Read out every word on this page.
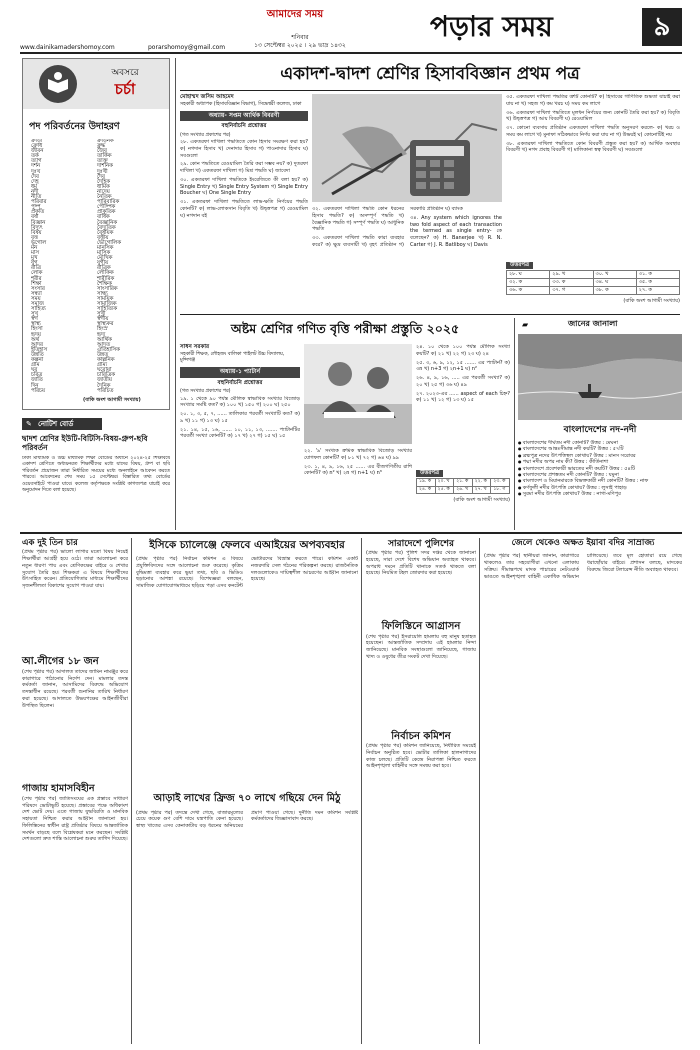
আমাদের সময়
শনিবার
১৩ সেপ্টেম্বর ২০২৫ । ২৯ ভাদ্র ১৪৩২
পড়ার সময়	৯
www.dainikamadershomoy.com	porarshomoy@gmail.com
অবসরে
চর্চা
পদ পরিবর্তনের উদাহরণ
ক্রীড়া	ক্রীড়নক
ক্রোধ	ক্রুদ্ধ
জীবন	জৈব
তর্ক	তার্কিক
ত্যাগ	ত্যক্ত
দর্শন	দার্শনিক
দুঃখ	দুঃখী
দেব	দৈব
দেহ	দৈহিক
ধর্ম	ধার্মিক
নদী	নাদেয়
নীতি	নৈতিক
পরিবার	পারিবারিক
পুষ্প	পৌষ্পিক
প্রকৃতি	প্রাকৃতিক
বর্ষা	বার্ষিক
বিজ্ঞান	বৈজ্ঞানিক
বিদ্যুৎ	বৈদ্যুতিক
বিষয়	বৈষয়িক
বৃত্ত	বৃত্তীয়
ভূগোল	ভৌগোলিক
মন	মানসিক
মাস	মাসিক
মুখ	মৌখিক
যুগ	যুগীয়
রাত্রি	রাত্রিক
লোক	লৌকিক
শরীর	শারীরিক
শিক্ষা	শৈক্ষিক
সংসার	সাংসারিক
সন্ধ্যা	সান্ধ্য
সময়	সাময়িক
সমাজ	সামাজিক
সাহিত্য	সাহিত্যিক
সুখ	সুখী
স্বর্গ	স্বর্গীয়
স্বাস্থ্য	স্বাস্থ্যকর
হিংসা	হিংস্র
হৃদয়	হৃদ্য
অর্থ	আর্থিক
আদর	আদৃত
ইতিহাস	ঐতিহাসিক
উন্নতি	উন্নত
কল্পনা	কাল্পনিক
গ্রাম	গ্রাম্য
ঘর	ঘরোয়া
চরিত্র	চারিত্রিক
জাতি	জাতীয়
দিন	দৈনিক
পরিচয়	পরিচিত
(বাকি অংশ আগামী সংখ্যায়)
✎ নোটিশ বোর্ড
দ্বাদশ শ্রেণির ইউটি-বিটিসি-বিষয়-গ্রুপ-ছবি পরিবর্তন
ঢাকা মাধ্যমিক ও উচ্চ মাধ্যমিক শিক্ষা বোর্ডের অধীনে ২০২৪-২৫ শিক্ষাবর্ষে একাদশ শ্রেণিতে অধ্যয়নরত শিক্ষার্থীদের মধ্যে যাদের বিষয়, গ্রুপ বা ছবি পরিবর্তন প্রয়োজন তারা নির্ধারিত সময়ের মধ্যে অনলাইনে আবেদন করতে পারবে। আবেদনের শেষ সময় ১৫ সেপ্টেম্বর। বিস্তারিত তথ্য বোর্ডের ওয়েবসাইটে পাওয়া যাবে। কলেজ কর্তৃপক্ষকে সংশ্লিষ্ট কাগজপত্র যাচাই করে অনুমোদন দিতে বলা হয়েছে।
একাদশ-দ্বাদশ শ্রেণির হিসাববিজ্ঞান প্রথম পত্র
মোহাম্মদ জসিম আহমেদ
সহকারী অধ্যাপক (হিসাববিজ্ঞান বিভাগ), সিদ্ধেশ্বরী কলেজ, ঢাকা
অধ্যায়- সপ্তম আর্থিক বিবরণী
বহুনির্বাচনি প্রশ্নোত্তর
(গত সংখ্যার প্রকাশের পর)

২৮. একতরফা দাখিলা পদ্ধতিতে কোন হিসাব সংরক্ষণ করা হয়? ক) নগদান হিসাব খ) দেনাদার হিসাব গ) পাওনাদার হিসাব ঘ) সবগুলো

২৯. কোন পদ্ধতিতে রেওয়ামিল তৈরি করা সম্ভব নয়? ক) দুতরফা দাখিলা খ) একতরফা দাখিলা গ) মিশ্র পদ্ধতি ঘ) জাবেদা

৩০. একতরফা দাখিলা পদ্ধতিকে ইংরেজিতে কী বলা হয়? ক) Single Entry খ) Single Entry System গ) Single Entry Boucher ঘ) One Single Entry

৩১. একতরফা দাখিলা পদ্ধতিতে লাভ-ক্ষতি নির্ণয়ের পদ্ধতি কোনটি? ক) লাভ-লোকসান বিবৃতি খ) উদ্বৃত্তপত্র গ) রেওয়ামিল ঘ) নগদান বই

৩২. একতরফা দাখিলা পদ্ধতি কোন ধরনের হিসাব পদ্ধতি? ক) অসম্পূর্ণ পদ্ধতি খ) বৈজ্ঞানিক পদ্ধতি গ) সম্পূর্ণ পদ্ধতি ঘ) আধুনিক পদ্ধতি

৩৩. একতরফা দাখিলা পদ্ধতি কারা ব্যবহার করে? ক) ক্ষুদ্র ব্যবসায়ী খ) বৃহৎ প্রতিষ্ঠান গ) সরকারি প্রতিষ্ঠান ঘ) ব্যাংক

৩৪. Any system which ignores the two fold aspect of each transaction the termed as single entry- কে বলেছেন? ক) H. Banerjee খ) R. N. Carter গ) J. R. Batliboy ঘ) Davis

৩৫. একতরফা দাখিলা পদ্ধতির ত্রুটি কোনটি? ক) হিসাবের গাণিতিক শুদ্ধতা যাচাই করা যায় না খ) সহজ গ) কম খরচ ঘ) সময় কম লাগে

৩৬. একতরফা দাখিলা পদ্ধতিতে মূলধন নির্ণয়ের জন্য কোনটি তৈরি করা হয়? ক) বিবৃতি খ) উদ্বৃত্তপত্র গ) আয় বিবরণী ঘ) রেওয়ামিল

৩৭. কোনো ব্যবসায় প্রতিষ্ঠান একতরফা দাখিলা পদ্ধতি অনুসরণ করলে- ক) খরচ ও সময় কম লাগে খ) মুনাফা সঠিকভাবে নির্ণয় করা যায় না গ) উভয়ই ঘ) কোনোটিই নয়

৩৮. একতরফা দাখিলা পদ্ধতিতে কোন বিবরণী প্রস্তুত করা হয়? ক) আর্থিক অবস্থার বিবরণী খ) নগদ প্রবাহ বিবরণী গ) মালিকানা স্বত্ব বিবরণী ঘ) সবগুলো

উত্তরপত্র
২৮. ঘ	২৯. খ	৩০. খ	৩১. ক
৩২. ক	৩৩. ক	৩৪. ঘ	৩৫. ক
৩৬. ক	৩৭. গ	৩৮. ক	২৭. ক
(বাকি অংশ আগামী সংখ্যায়)
অষ্টম শ্রেণির গণিত বৃত্তি পরীক্ষা প্রস্তুতি ২০২৫
সাধন সরকার
সহকারী শিক্ষক, লৌহজং বালিকা পাইলট উচ্চ বিদ্যালয়, মুন্সিগঞ্জ
অধ্যায়-১ প্যাটার্ন
বহুনির্বাচনি প্রশ্নোত্তর
(গত সংখ্যার প্রকাশের পর)

১৯. ১ থেকে ৯০ পর্যন্ত মৌলিক স্বাভাবিক সংখ্যার বিজোড় সংখ্যার সমষ্টি কত? ক) ১০০ খ) ১৫০ গ) ২০০ ঘ) ২৫০

২০. ১, ৩, ৫, ৭, ...... তালিকার পরবর্তী সংখ্যাটি কত? ক) ৯ খ) ১১ গ) ১৩ ঘ) ১৫

২১. ১৪, ১৫, ১৬, ...... ১০, ১১, ১৩, ....... প্যাটার্নটির পরবর্তী সংখ্যা কোনটি? ক) ১৭ খ) ২৭ গ) ১৫ ঘ) ১৫

২২. '৯' সংখ্যক ক্রমিক স্বাভাবিক বিজোড় সংখ্যার যোগফল কোনটি? ক) ৮১ খ) ৭২ গ) ৬৪ ঘ) ৯৯

২৩. ১, ৪, ৯, ১৬, ২৫ ...... এর বীজগণিতীয় রাশি কোনটি? ক) n² খ) ২n গ) n+1 ঘ) n³

২৪. ১০ থেকে ১০০ পর্যন্ত মৌলিক সংখ্যা কয়টি? ক) ২১ খ) ২২ গ) ২৩ ঘ) ২৪

২৫. ৩, ৬, ৯, ১২, ১৫ ....... এর প্যাটার্ন? ক) ৩n খ) n+3 গ) ২n+1 ঘ) n²

২৬. ৪, ৯, ১৬, ..... এর পরবর্তী সংখ্যা? ক) ২০ খ) ২৫ গ) ৩৬ ঘ) ৪৯

২৭. ২০২৩-এর ...... aspect of each চিহ্ন? ক) ১১ খ) ১২ গ) ১৩ ঘ) ১৫

উত্তরপত্র
১৯. ক	২০. খ	২১. ক	২২. ক	২৩. ক
২৪. ক	২৫. ক	২৬. খ	২৭. খ	১৮. গ
(বাকি অংশ আগামী সংখ্যায়)
▰	জানের জানালা
বাংলাদেশের নদ-নদী
● বাংলাদেশের দীর্ঘতম নদী কোনটি? উত্তর : মেঘনা
● বাংলাদেশের আন্তঃসীমান্ত নদী কয়টি? উত্তর : ৫৭টি
● ব্রহ্মপুত্র নদের উৎপত্তিস্থল কোথায়? উত্তর : মানস সরোবর
● পদ্মা নদীর অপর নাম কী? উত্তর : কীর্তিনাশা
● বাংলাদেশে প্রবেশকারী ভারতের নদী কয়টি? উত্তর : ৫৪টি
● বাংলাদেশের প্রশস্ততম নদী কোনটি? উত্তর : যমুনা
● বাংলাদেশ ও মিয়ানমারকে বিভক্তকারী নদী কোনটি? উত্তর : নাফ
● কর্ণফুলী নদীর উৎপত্তি কোথায়? উত্তর : লুসাই পাহাড়
● সুরমা নদীর উৎপত্তি কোথায়? উত্তর : নাগা-মণিপুর
এক দুই তিন চার
(প্রথম পৃষ্ঠার পর) ভালো লাগার মতো বিষয় নিয়েই শিক্ষার্থীরা আগ্রহী হয়ে ওঠে। তারা আলোচনা করে নতুন ধারণা পায় এবং শ্রেণিকক্ষের বাইরে ও শেখার সুযোগ তৈরি হয়। শিক্ষকরা এ বিষয়ে শিক্ষার্থীদের উৎসাহিত করেন। প্রতিযোগিতার মাধ্যমে শিক্ষার্থীদের সৃজনশীলতা বিকাশের সুযোগ পাওয়া যায়।
আ.লীগের ১৮ জন
(শেষ পৃষ্ঠার পর) আদালত তাদের জামিন নামঞ্জুর করে কারাগারে পাঠানোর নির্দেশ দেন। মামলার তদন্ত কর্মকর্তা জানান, আসামিদের বিরুদ্ধে অভিযোগ তদন্তাধীন রয়েছে। পরবর্তী শুনানির তারিখ নির্ধারণ করা হয়েছে। আদালতে উভয়পক্ষের আইনজীবীরা উপস্থিত ছিলেন।
গাজায় হামাসবিহীন
(শেষ পৃষ্ঠার পর) জাতিসংঘের এক প্রস্তাবে সাধারণ পরিষদে ভোটাভুটি হয়েছে। প্রস্তাবের পক্ষে অধিকাংশ দেশ ভোট দেয়। এতে গাজায় যুদ্ধবিরতি ও মানবিক সহায়তা নিশ্চিত করার আহ্বান জানানো হয়। ফিলিস্তিনের স্বাধীন রাষ্ট্র প্রতিষ্ঠার বিষয়ে আন্তর্জাতিক সমর্থন বাড়ছে বলে বিশ্লেষকরা মনে করছেন। সংশ্লিষ্ট দেশগুলো দ্রুত শান্তি আলোচনা শুরুর তাগিদ দিয়েছে।
ইসিকে চ্যালেঞ্জে ফেলবে এআইয়ের অপব্যবহার
(প্রথম পৃষ্ঠার পর) নির্বাচন কমিশন এ বিষয়ে প্রযুক্তিবিদদের সঙ্গে আলোচনা শুরু করেছে। কৃত্রিম বুদ্ধিমত্তা ব্যবহার করে ভুয়া তথ্য, ছবি ও ভিডিও ছড়ানোর আশঙ্কা রয়েছে। বিশেষজ্ঞরা বলছেন, সামাজিক যোগাযোগমাধ্যমে ছড়িয়ে পড়া এসব কনটেন্ট ভোটারদের বিভ্রান্ত করতে পারে। কমিশন একটি নজরদারি সেল গঠনের পরিকল্পনা করছে। রাজনৈতিক দলগুলোকেও দায়িত্বশীল আচরণের আহ্বান জানানো হয়েছে।
আড়াই লাখের ফ্রিজ ৭০ লাখে গছিয়ে দেন মিঠু
(প্রথম পৃষ্ঠার পর) তদন্তে দেখা গেছে, বাজারমূল্যের চেয়ে কয়েক গুণ বেশি দামে যন্ত্রপাতি কেনা হয়েছে। স্বাস্থ্য খাতের এসব কেনাকাটায় বড় ধরনের অনিয়মের প্রমাণ পাওয়া গেছে। দুর্নীতি দমন কমিশন সংশ্লিষ্ট কর্মকর্তাদের জিজ্ঞাসাবাদ করছে।
সারাদেশে পুলিশের
(প্রথম পৃষ্ঠার পর) পুলিশ সদর দপ্তর থেকে জানানো হয়েছে, সারা দেশে বিশেষ অভিযান অব্যাহত থাকবে। অপরাধ দমনে প্রতিটি থানাকে সতর্ক থাকতে বলা হয়েছে। নিয়মিত টহল জোরদার করা হয়েছে।
ফিলিস্তিনে আগ্রাসন
(শেষ পৃষ্ঠার পর) ইসরায়েলি হামলায় বহু মানুষ হতাহত হয়েছেন। আন্তর্জাতিক সম্প্রদায় এই হামলার নিন্দা জানিয়েছে। মানবিক সংস্থাগুলো জানিয়েছে, গাজায় খাদ্য ও ওষুধের তীব্র সংকট দেখা দিয়েছে।
নির্বাচন কমিশন
(প্রথম পৃষ্ঠার পর) কমিশন জানিয়েছে, নির্ধারিত সময়েই নির্বাচন অনুষ্ঠিত হবে। ভোটার তালিকা হালনাগাদের কাজ চলছে। প্রতিটি কেন্দ্রে নিরাপত্তা নিশ্চিত করতে আইনশৃঙ্খলা বাহিনীর সঙ্গে সমন্বয় করা হবে।
জেলে থেকেও অক্ষত ইয়াবা বদির সাম্রাজ্য
(প্রথম পৃষ্ঠার পর) স্থানীয়রা জানান, কারাগারে থাকলেও তার সহযোগীরা এখনো এলাকায় সক্রিয়। সীমান্তপথে মাদক পাচারের নেটওয়ার্ক ভাঙতে আইনশৃঙ্খলা বাহিনী একাধিক অভিযান চালিয়েছে। তবে মূল হোতারা রয়ে গেছে ধরাছোঁয়ার বাইরে। প্রশাসন বলছে, মাদকের বিরুদ্ধে জিরো টলারেন্স নীতি অব্যাহত থাকবে।
